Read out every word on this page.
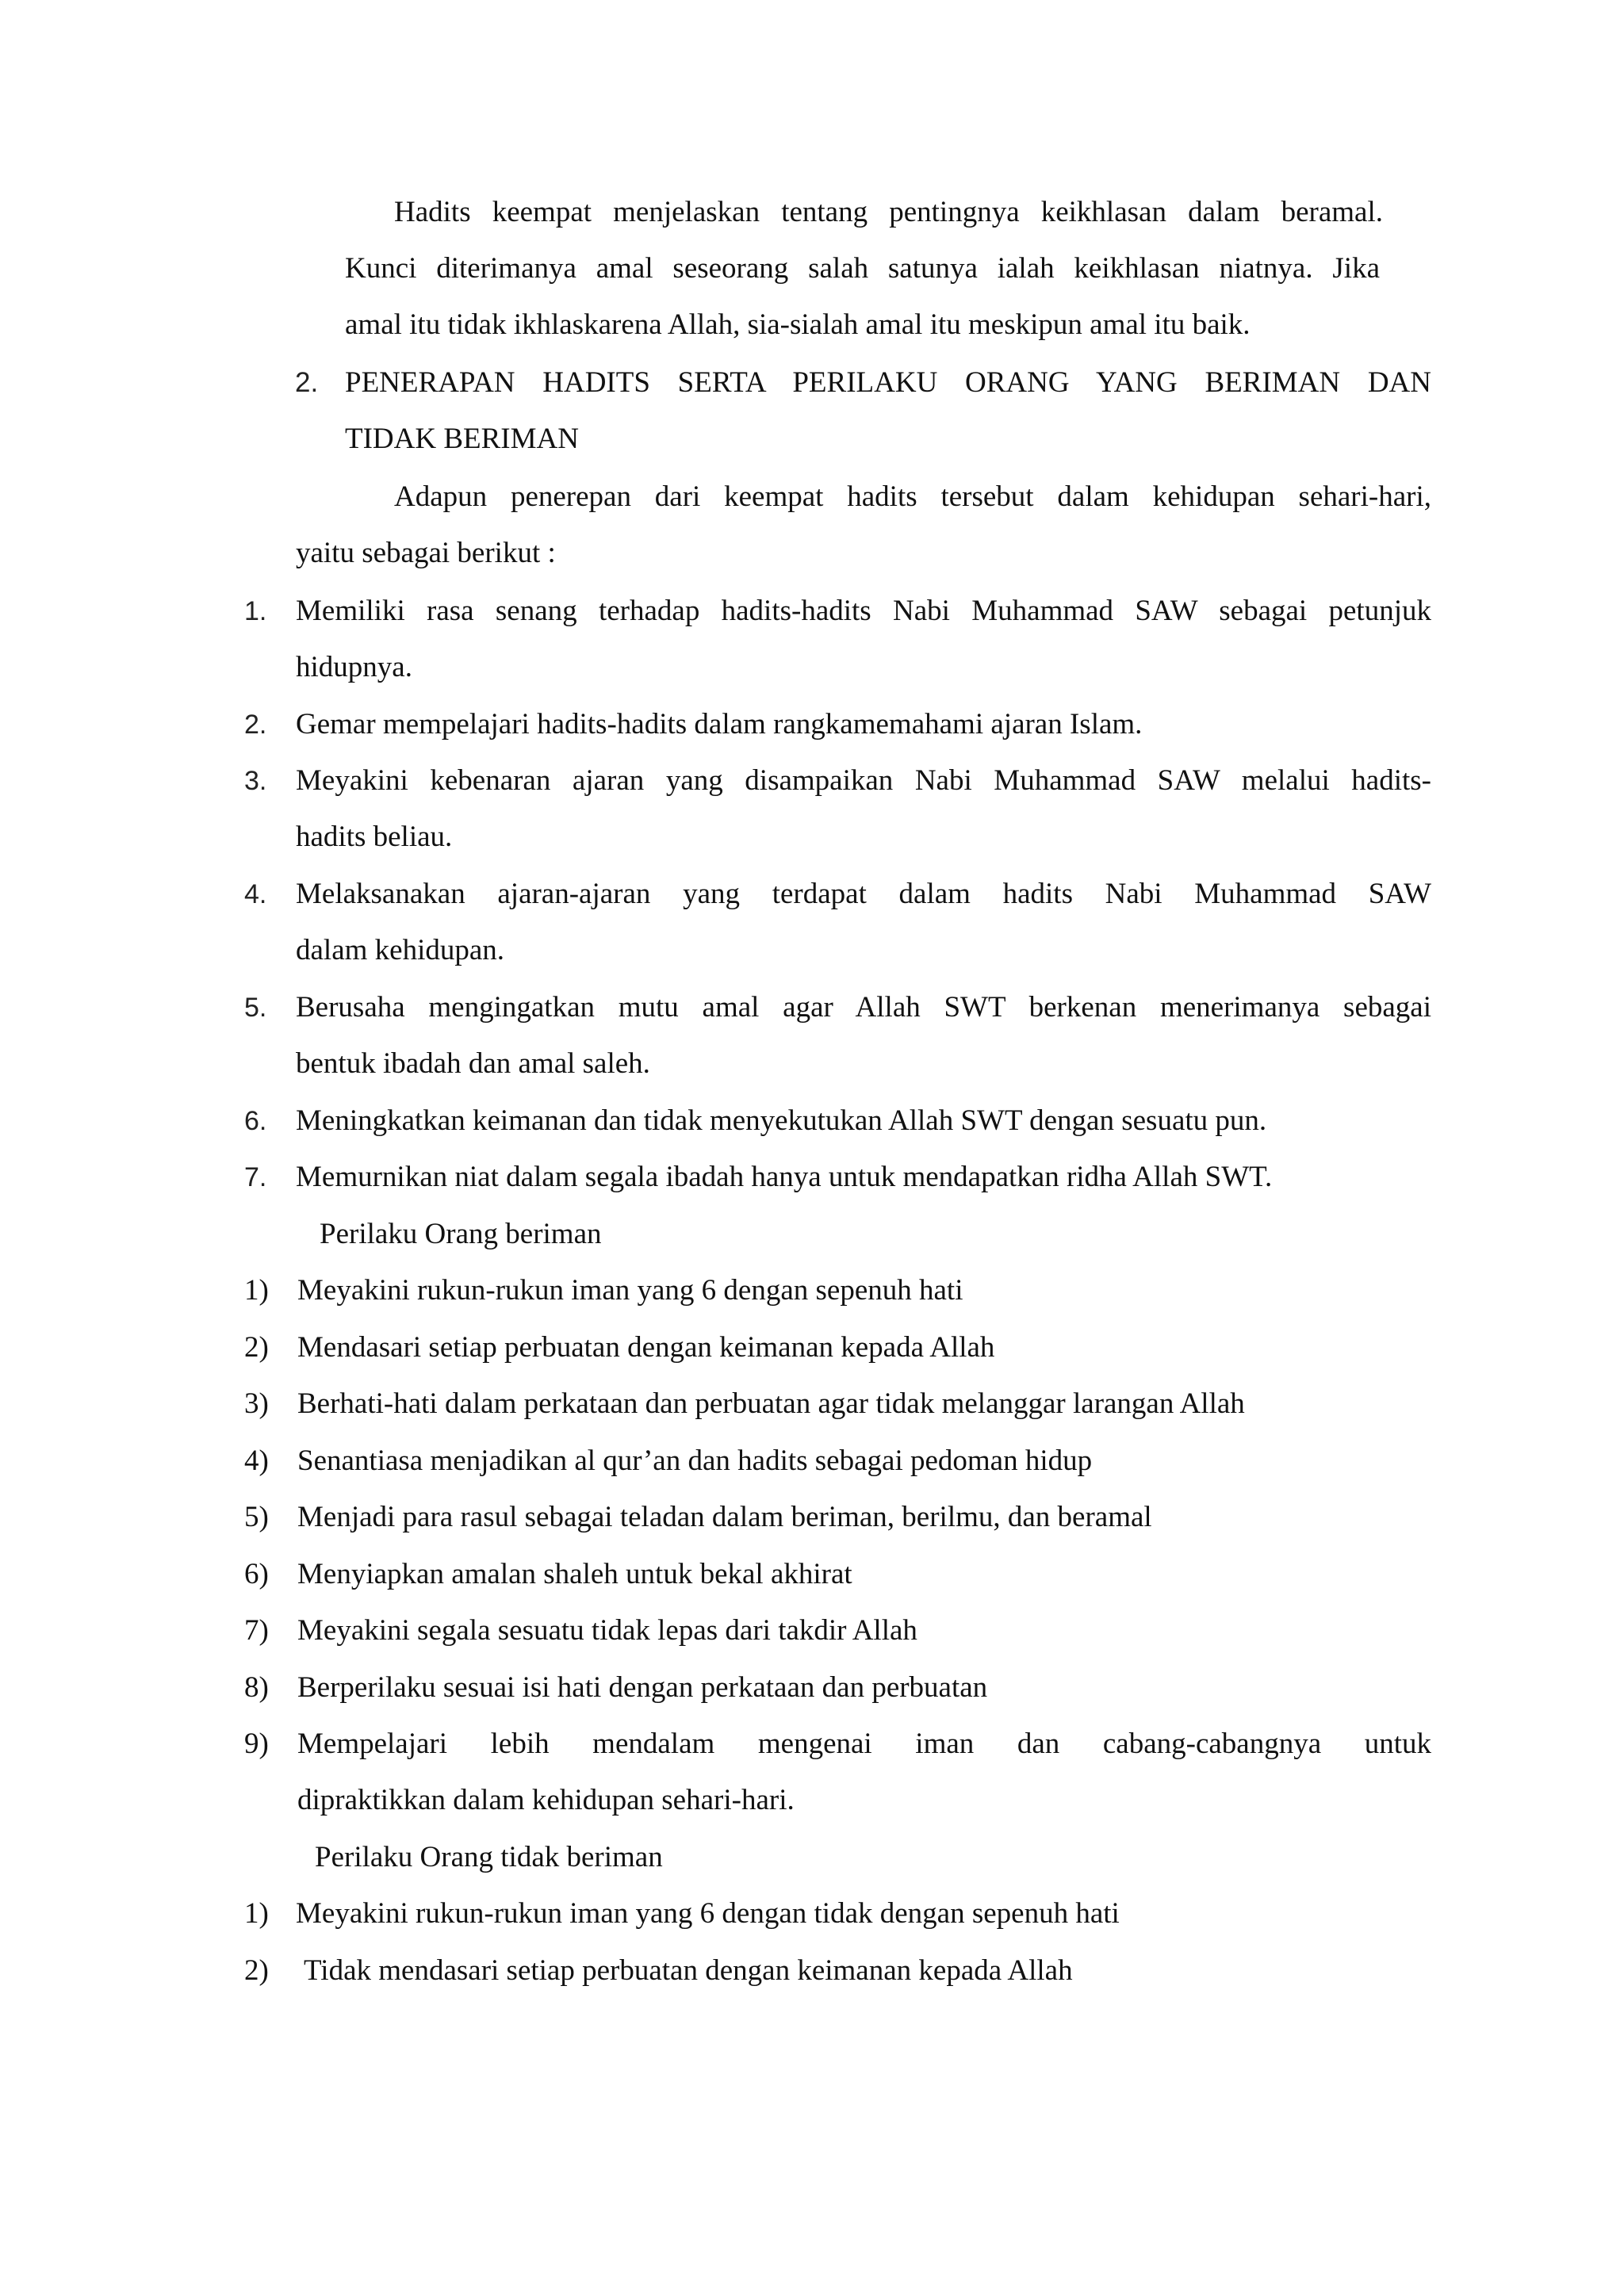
Hadits keempat menjelaskan tentang pentingnya keikhlasan dalam beramal.
Kunci diterimanya amal seseorang salah satunya ialah keikhlasan niatnya. Jika
amal itu tidak ikhlaskarena Allah, sia-sialah amal itu meskipun amal itu baik.
2. PENERAPAN HADITS SERTA PERILAKU ORANG YANG BERIMAN DAN
TIDAK BERIMAN
Adapun penerepan dari keempat hadits tersebut dalam kehidupan sehari-hari,
yaitu sebagai berikut :
1. Memiliki rasa senang terhadap hadits-hadits Nabi Muhammad SAW sebagai petunjuk
hidupnya.
2. Gemar mempelajari hadits-hadits dalam rangkamemahami ajaran Islam.
3. Meyakini kebenaran ajaran yang disampaikan Nabi Muhammad SAW melalui hadits-
hadits beliau.
4. Melaksanakan ajaran-ajaran yang terdapat dalam hadits Nabi Muhammad SAW
dalam kehidupan.
5. Berusaha mengingatkan mutu amal agar Allah SWT berkenan menerimanya sebagai
bentuk ibadah dan amal saleh.
6. Meningkatkan keimanan dan tidak menyekutukan Allah SWT dengan sesuatu pun.
7. Memurnikan niat dalam segala ibadah hanya untuk mendapatkan ridha Allah SWT.
Perilaku Orang beriman
1) Meyakini rukun-rukun iman yang 6 dengan sepenuh hati
2) Mendasari setiap perbuatan dengan keimanan kepada Allah
3) Berhati-hati dalam perkataan dan perbuatan agar tidak melanggar larangan Allah
4) Senantiasa menjadikan al qur’an dan hadits sebagai pedoman hidup
5) Menjadi para rasul sebagai teladan dalam beriman, berilmu, dan beramal
6) Menyiapkan amalan shaleh untuk bekal akhirat
7) Meyakini segala sesuatu tidak lepas dari takdir Allah
8) Berperilaku sesuai isi hati dengan perkataan dan perbuatan
9) Mempelajari lebih mendalam mengenai iman dan cabang-cabangnya untuk
dipraktikkan dalam kehidupan sehari-hari.
Perilaku Orang tidak beriman
1) Meyakini rukun-rukun iman yang 6 dengan tidak dengan sepenuh hati
2) Tidak mendasari setiap perbuatan dengan keimanan kepada Allah
